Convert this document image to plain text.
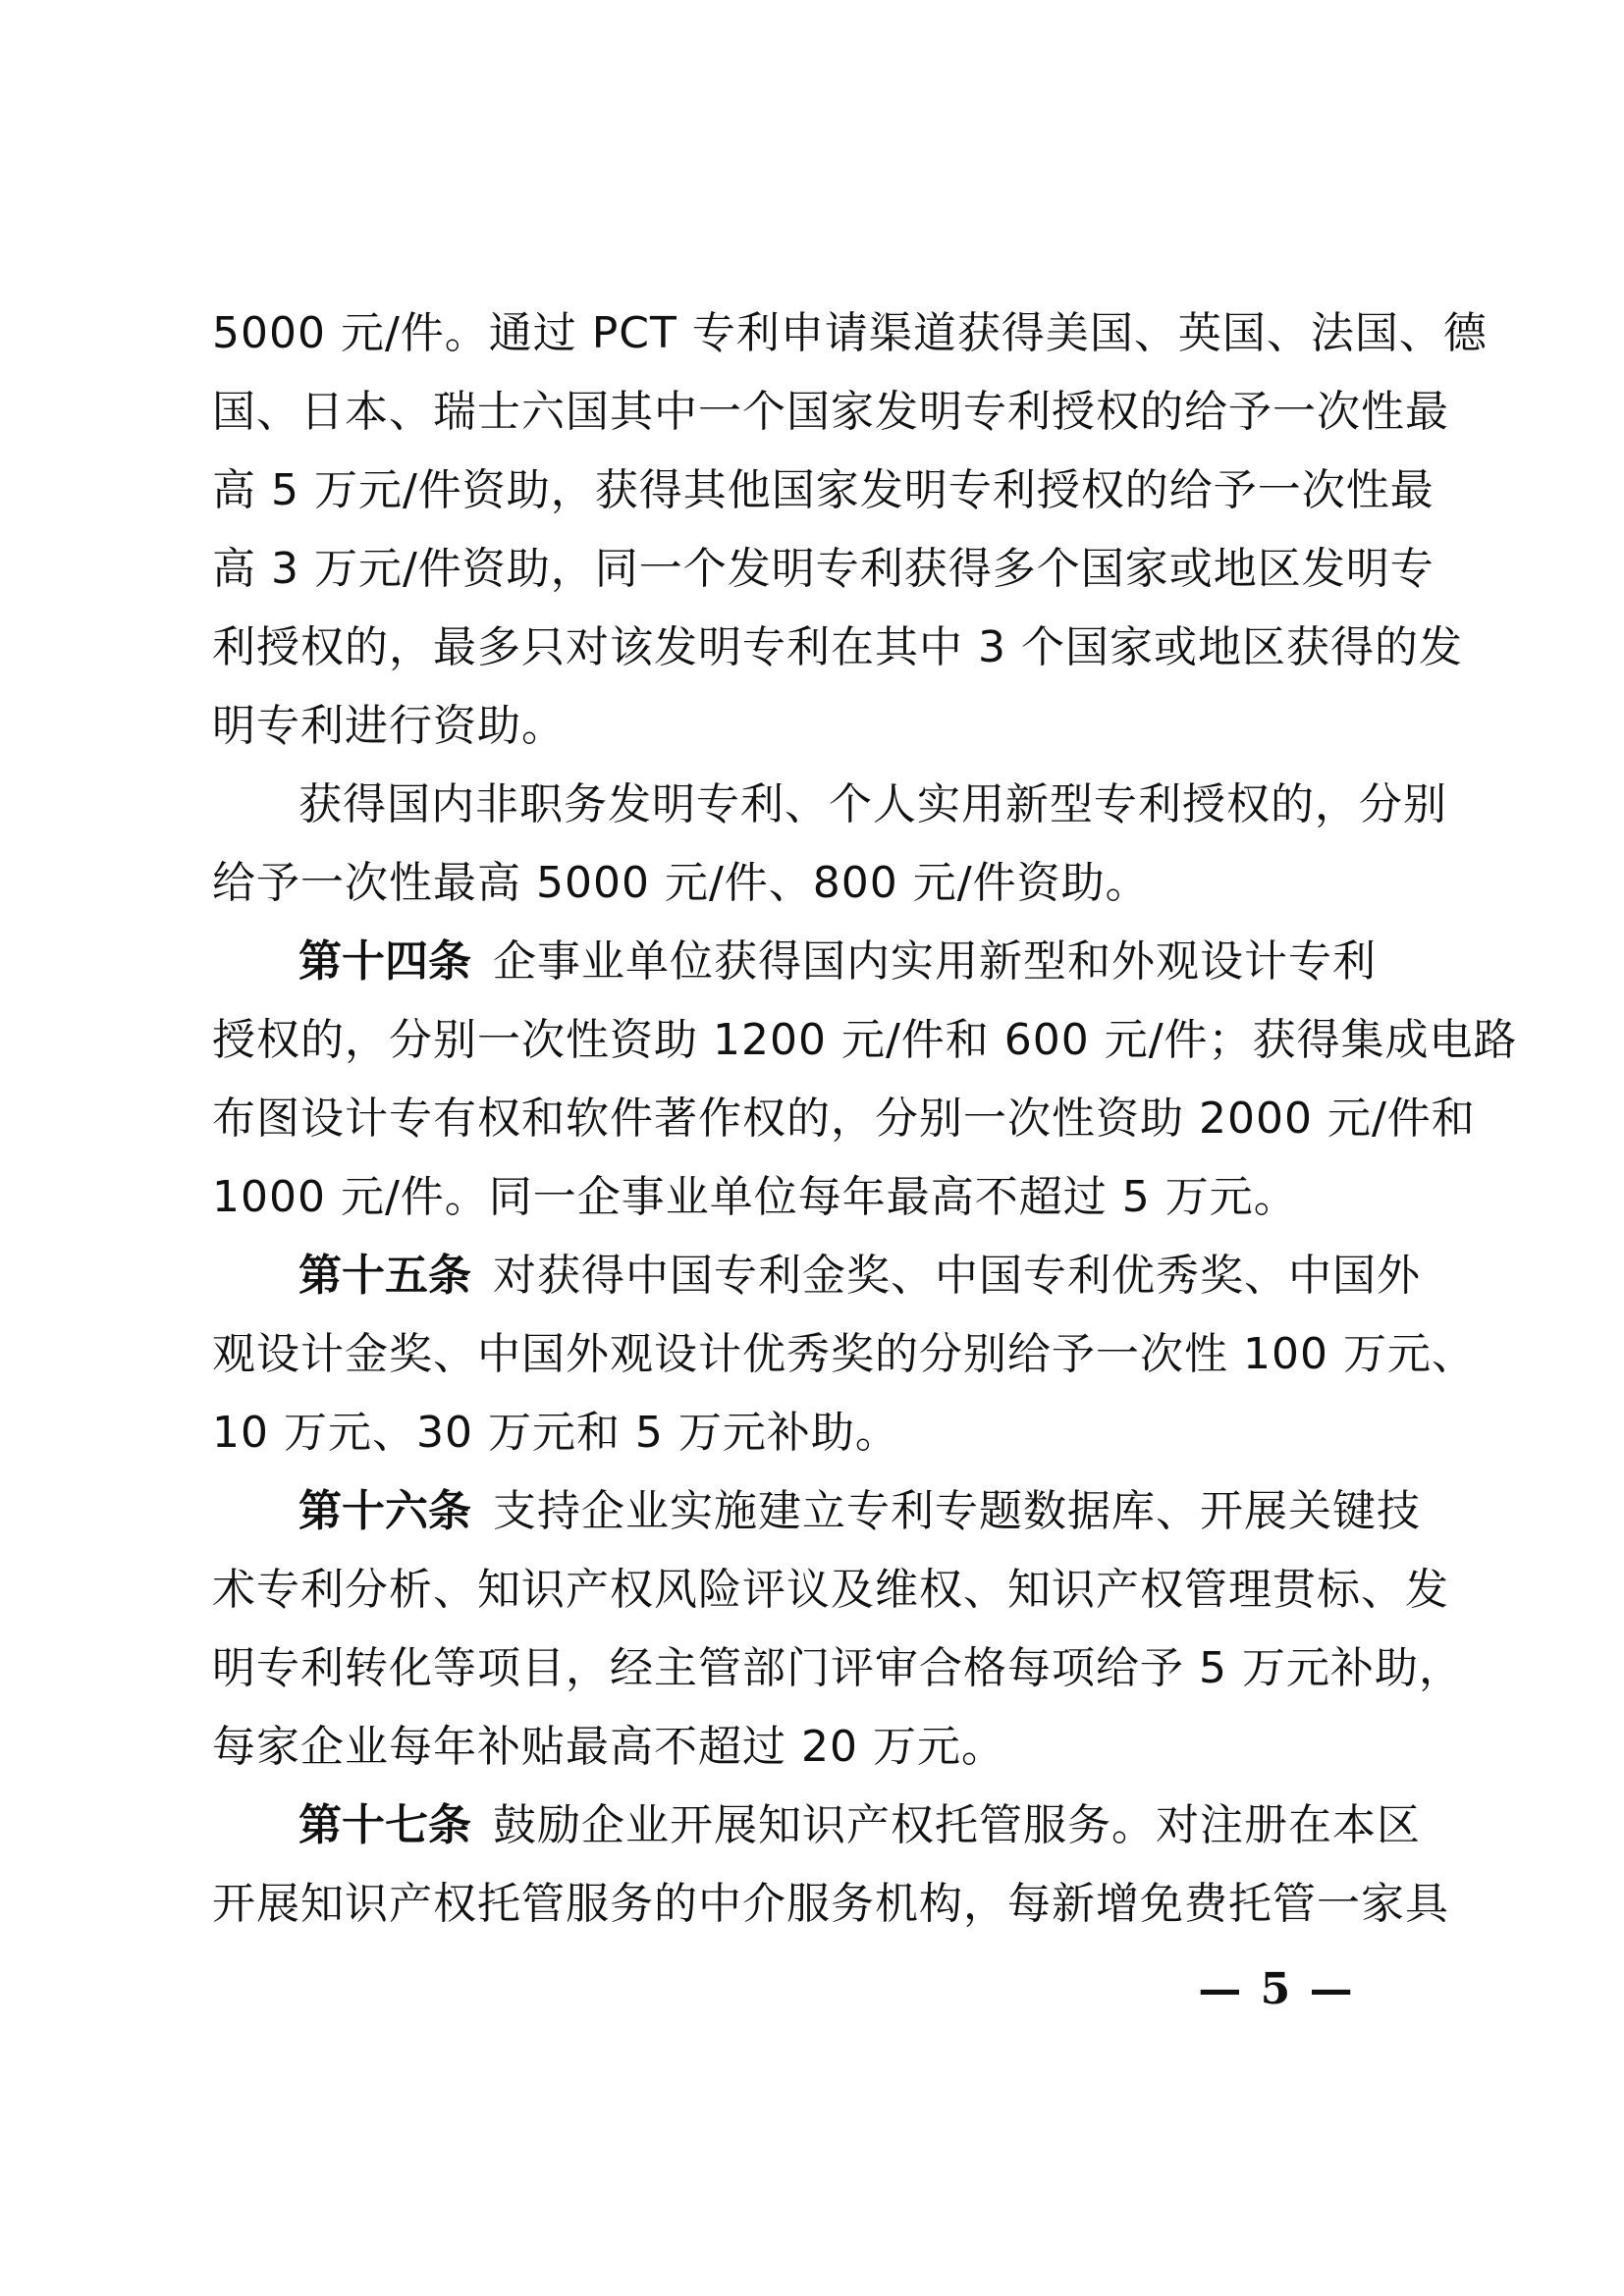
5000 元/件。通过 PCT 专利申请渠道获得美国、英国、法国、德
国、日本、瑞士六国其中一个国家发明专利授权的给予一次性最
高 5 万元/件资助，获得其他国家发明专利授权的给予一次性最
高 3 万元/件资助，同一个发明专利获得多个国家或地区发明专
利授权的，最多只对该发明专利在其中 3 个国家或地区获得的发
明专利进行资助。
获得国内非职务发明专利、个人实用新型专利授权的，分别
给予一次性最高 5000 元/件、800 元/件资助。
第十四条 企事业单位获得国内实用新型和外观设计专利
授权的，分别一次性资助 1200 元/件和 600 元/件；获得集成电路
布图设计专有权和软件著作权的，分别一次性资助 2000 元/件和
1000 元/件。同一企事业单位每年最高不超过 5 万元。
第十五条 对获得中国专利金奖、中国专利优秀奖、中国外
观设计金奖、中国外观设计优秀奖的分别给予一次性 100 万元、
10 万元、30 万元和 5 万元补助。
第十六条 支持企业实施建立专利专题数据库、开展关键技
术专利分析、知识产权风险评议及维权、知识产权管理贯标、发
明专利转化等项目，经主管部门评审合格每项给予 5 万元补助，
每家企业每年补贴最高不超过 20 万元。
第十七条 鼓励企业开展知识产权托管服务。对注册在本区
开展知识产权托管服务的中介服务机构，每新增免费托管一家具
— 5 —
